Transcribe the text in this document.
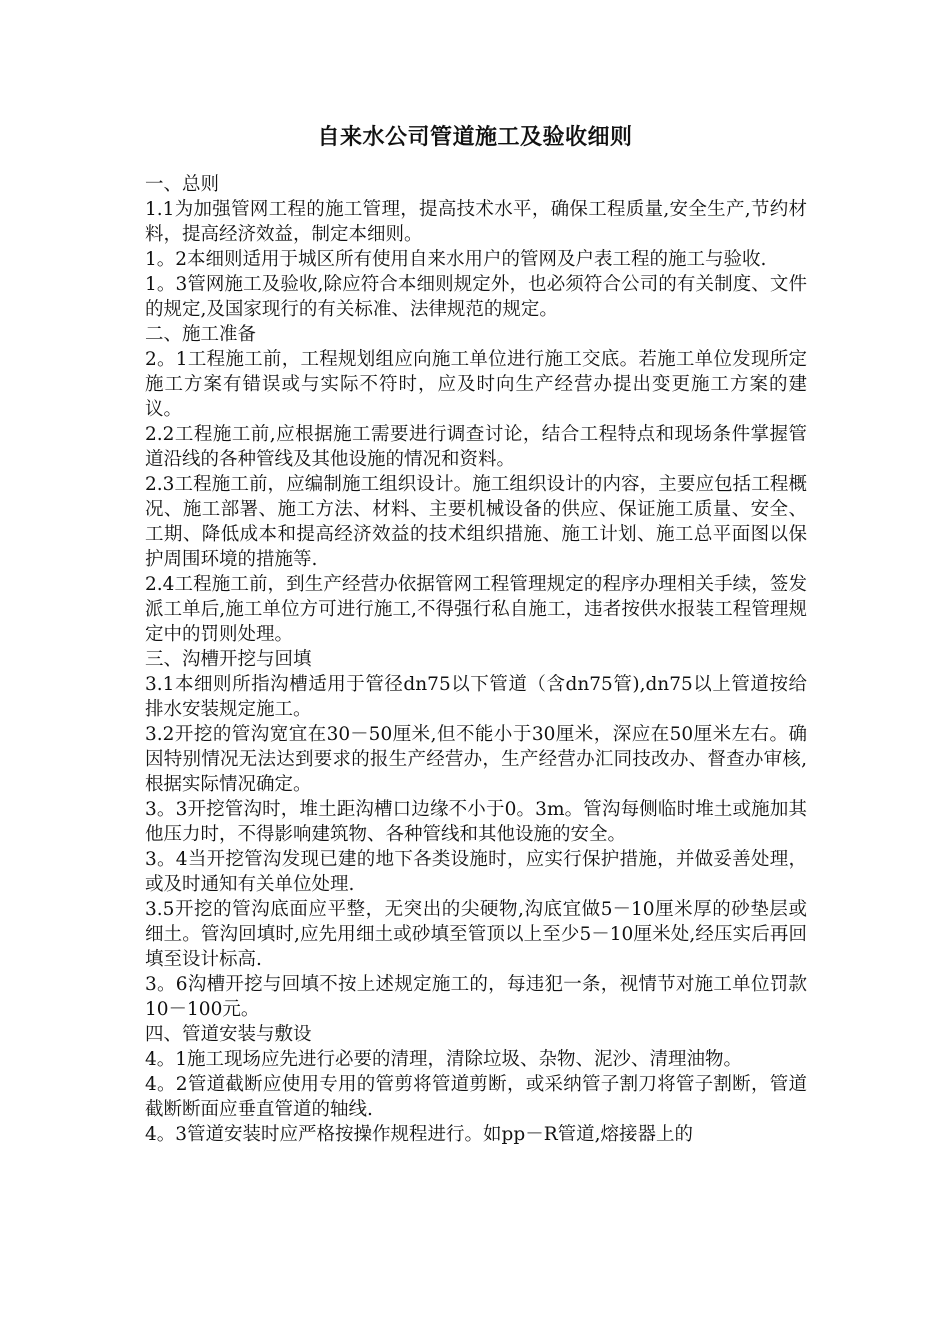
自来水公司管道施工及验收细则

一、总则

1.1为加强管网工程的施工管理，提高技术水平，确保工程质量,安全生产,节约材料，提高经济效益，制定本细则。

1。2本细则适用于城区所有使用自来水用户的管网及户表工程的施工与验收.

1。3管网施工及验收,除应符合本细则规定外，也必须符合公司的有关制度、文件的规定,及国家现行的有关标准、法律规范的规定。

二、施工准备

2。1工程施工前，工程规划组应向施工单位进行施工交底。若施工单位发现所定施工方案有错误或与实际不符时，应及时向生产经营办提出变更施工方案的建议。

2.2工程施工前,应根据施工需要进行调查讨论，结合工程特点和现场条件掌握管道沿线的各种管线及其他设施的情况和资料。

2.3工程施工前，应编制施工组织设计。施工组织设计的内容，主要应包括工程概况、施工部署、施工方法、材料、主要机械设备的供应、保证施工质量、安全、工期、降低成本和提高经济效益的技术组织措施、施工计划、施工总平面图以保护周围环境的措施等.

2.4工程施工前，到生产经营办依据管网工程管理规定的程序办理相关手续，签发派工单后,施工单位方可进行施工,不得强行私自施工，违者按供水报装工程管理规定中的罚则处理。

三、沟槽开挖与回填

3.1本细则所指沟槽适用于管径dn75以下管道（含dn75管),dn75以上管道按给排水安装规定施工。

3.2开挖的管沟宽宜在30－50厘米,但不能小于30厘米，深应在50厘米左右。确因特别情况无法达到要求的报生产经营办，生产经营办汇同技改办、督查办审核,根据实际情况确定。

3。3开挖管沟时，堆土距沟槽口边缘不小于0。3m。管沟每侧临时堆土或施加其他压力时，不得影响建筑物、各种管线和其他设施的安全。

3。4当开挖管沟发现已建的地下各类设施时，应实行保护措施，并做妥善处理，或及时通知有关单位处理.

3.5开挖的管沟底面应平整，无突出的尖硬物,沟底宜做5－10厘米厚的砂垫层或细土。管沟回填时,应先用细土或砂填至管顶以上至少5－10厘米处,经压实后再回填至设计标高.

3。6沟槽开挖与回填不按上述规定施工的，每违犯一条，视情节对施工单位罚款10－100元。

四、管道安装与敷设

4。1施工现场应先进行必要的清理，清除垃圾、杂物、泥沙、清理油物。

4。2管道截断应使用专用的管剪将管道剪断，或采纳管子割刀将管子割断，管道截断断面应垂直管道的轴线.

4。3管道安装时应严格按操作规程进行。如pp－R管道,熔接器上的
